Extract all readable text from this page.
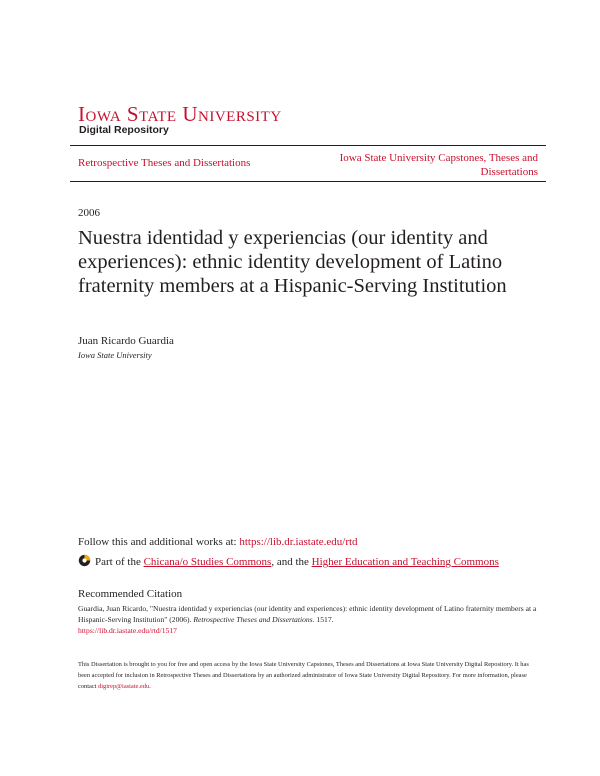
IOWA STATE UNIVERSITY
Digital Repository
Retrospective Theses and Dissertations	Iowa State University Capstones, Theses and Dissertations
2006
Nuestra identidad y experiencias (our identity and experiences): ethnic identity development of Latino fraternity members at a Hispanic-Serving Institution
Juan Ricardo Guardia
Iowa State University
Follow this and additional works at: https://lib.dr.iastate.edu/rtd
Part of the Chicana/o Studies Commons, and the Higher Education and Teaching Commons
Recommended Citation
Guardia, Juan Ricardo, "Nuestra identidad y experiencias (our identity and experiences): ethnic identity development of Latino fraternity members at a Hispanic-Serving Institution" (2006). Retrospective Theses and Dissertations. 1517.
https://lib.dr.iastate.edu/rtd/1517
This Dissertation is brought to you for free and open access by the Iowa State University Capstones, Theses and Dissertations at Iowa State University Digital Repository. It has been accepted for inclusion in Retrospective Theses and Dissertations by an authorized administrator of Iowa State University Digital Repository. For more information, please contact digirep@iastate.edu.
